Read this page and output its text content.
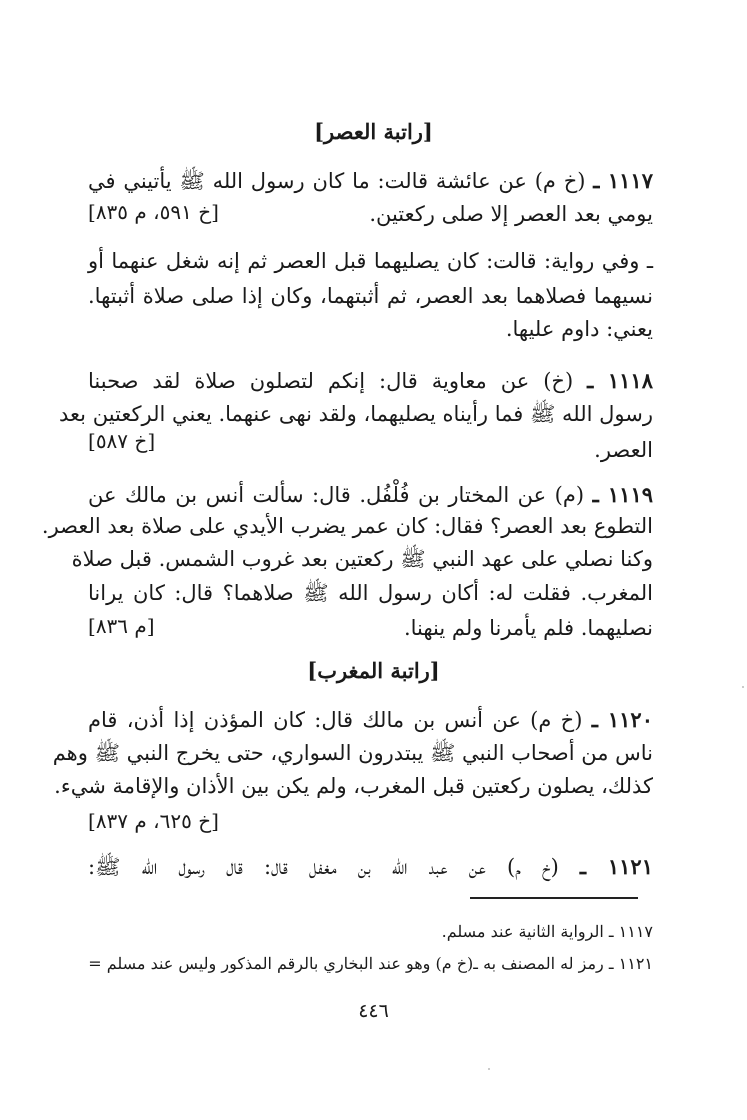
[راتبة العصر]
١١١٧ ـ (خ م) عن عائشة قالت: ما كان رسول الله ﷺ يأتيني في
يومي بعد العصر إلا صلى ركعتين.
[خ ٥٩١، م ٨٣٥]
ـ وفي رواية: قالت: كان يصليهما قبل العصر ثم إنه شغل عنهما أو
نسيهما فصلاهما بعد العصر، ثم أثبتهما، وكان إذا صلى صلاة أثبتها.
يعني: داوم عليها.
١١١٨ ـ (خ) عن معاوية قال: إنكم لتصلون صلاة لقد صحبنا
رسول الله ﷺ فما رأيناه يصليهما، ولقد نهى عنهما. يعني الركعتين بعد
العصر.
[خ ٥٨٧]
١١١٩ ـ (م) عن المختار بن فُلْفُل. قال: سألت أنس بن مالك عن
التطوع بعد العصر؟ فقال: كان عمر يضرب الأيدي على صلاة بعد العصر.
وكنا نصلي على عهد النبي ﷺ ركعتين بعد غروب الشمس. قبل صلاة
المغرب. فقلت له: أكان رسول الله ﷺ صلاهما؟ قال: كان يرانا
نصليهما. فلم يأمرنا ولم ينهنا.
[م ٨٣٦]
[راتبة المغرب]
١١٢٠ ـ (خ م) عن أنس بن مالك قال: كان المؤذن إذا أذن، قام
ناس من أصحاب النبي ﷺ يبتدرون السواري، حتى يخرج النبي ﷺ وهم
كذلك، يصلون ركعتين قبل المغرب، ولم يكن بين الأذان والإقامة شيء.
[خ ٦٢٥، م ٨٣٧]
١١٢١ ـ (خ م) عن عبد الله بن مغفل قال: قال رسول الله ﷺ:
١١١٧ ـ الرواية الثانية عند مسلم.
١١٢١ ـ رمز له المصنف به ـ(خ م) وهو عند البخاري بالرقم المذكور وليس عند مسلم =
٤٤٦
